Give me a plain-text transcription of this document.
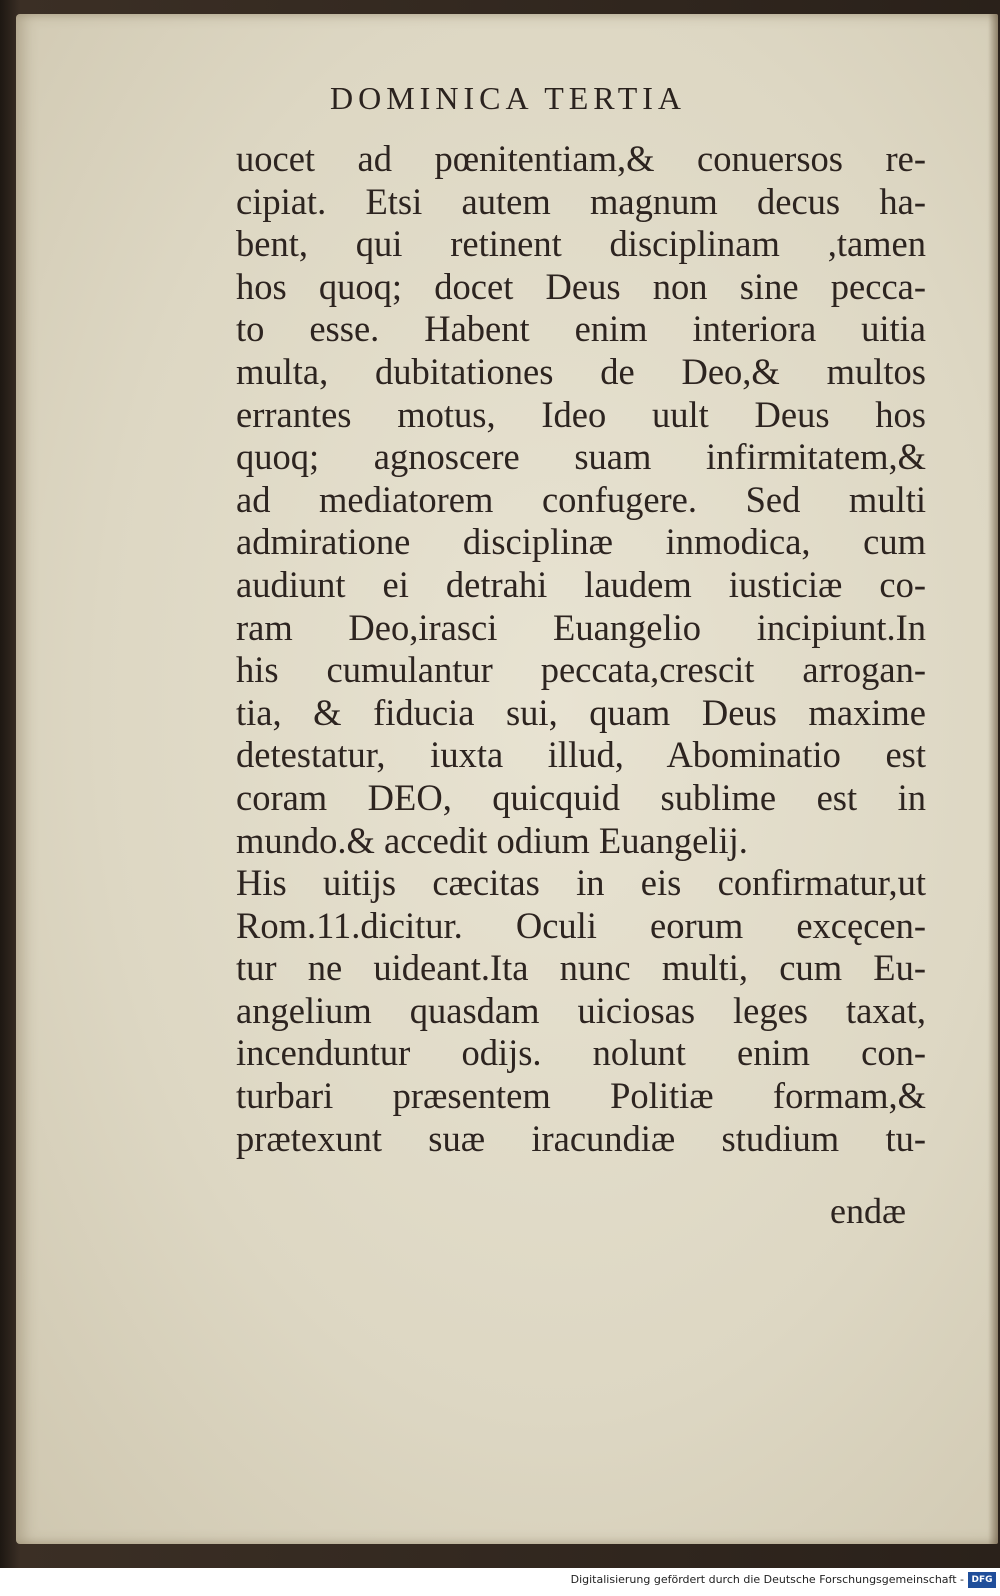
DOMINICA TERTIA
uocet ad pœnitentiam,& conuersos re-
cipiat. Etsi autem magnum decus ha-
bent, qui retinent disciplinam ,tamen
hos quoq; docet Deus non sine pecca-
to esse. Habent enim interiora uitia
multa, dubitationes de Deo,& multos
errantes motus, Ideo uult Deus hos
quoq; agnoscere suam infirmitatem,&
ad mediatorem confugere. Sed multi
admiratione disciplinæ inmodica, cum
audiunt ei detrahi laudem iusticiæ co-
ram Deo,irasci Euangelio incipiunt.In
his cumulantur peccata,crescit arrogan-
tia, & fiducia sui, quam Deus maxime
detestatur, iuxta illud, Abominatio est
coram DEO, quicquid sublime est in
mundo.& accedit odium Euangelij.
His uitijs cæcitas in eis confirmatur,ut
Rom.11.dicitur. Oculi eorum excęcen-
tur ne uideant.Ita nunc multi, cum Eu-
angelium quasdam uiciosas leges taxat,
incenduntur odijs. nolunt enim con-
turbari præsentem Politiæ formam,&
prætexunt suæ iracundiæ studium tu-
endæ
Digitalisierung gefördert durch die Deutsche Forschungsgemeinschaft - DFG
